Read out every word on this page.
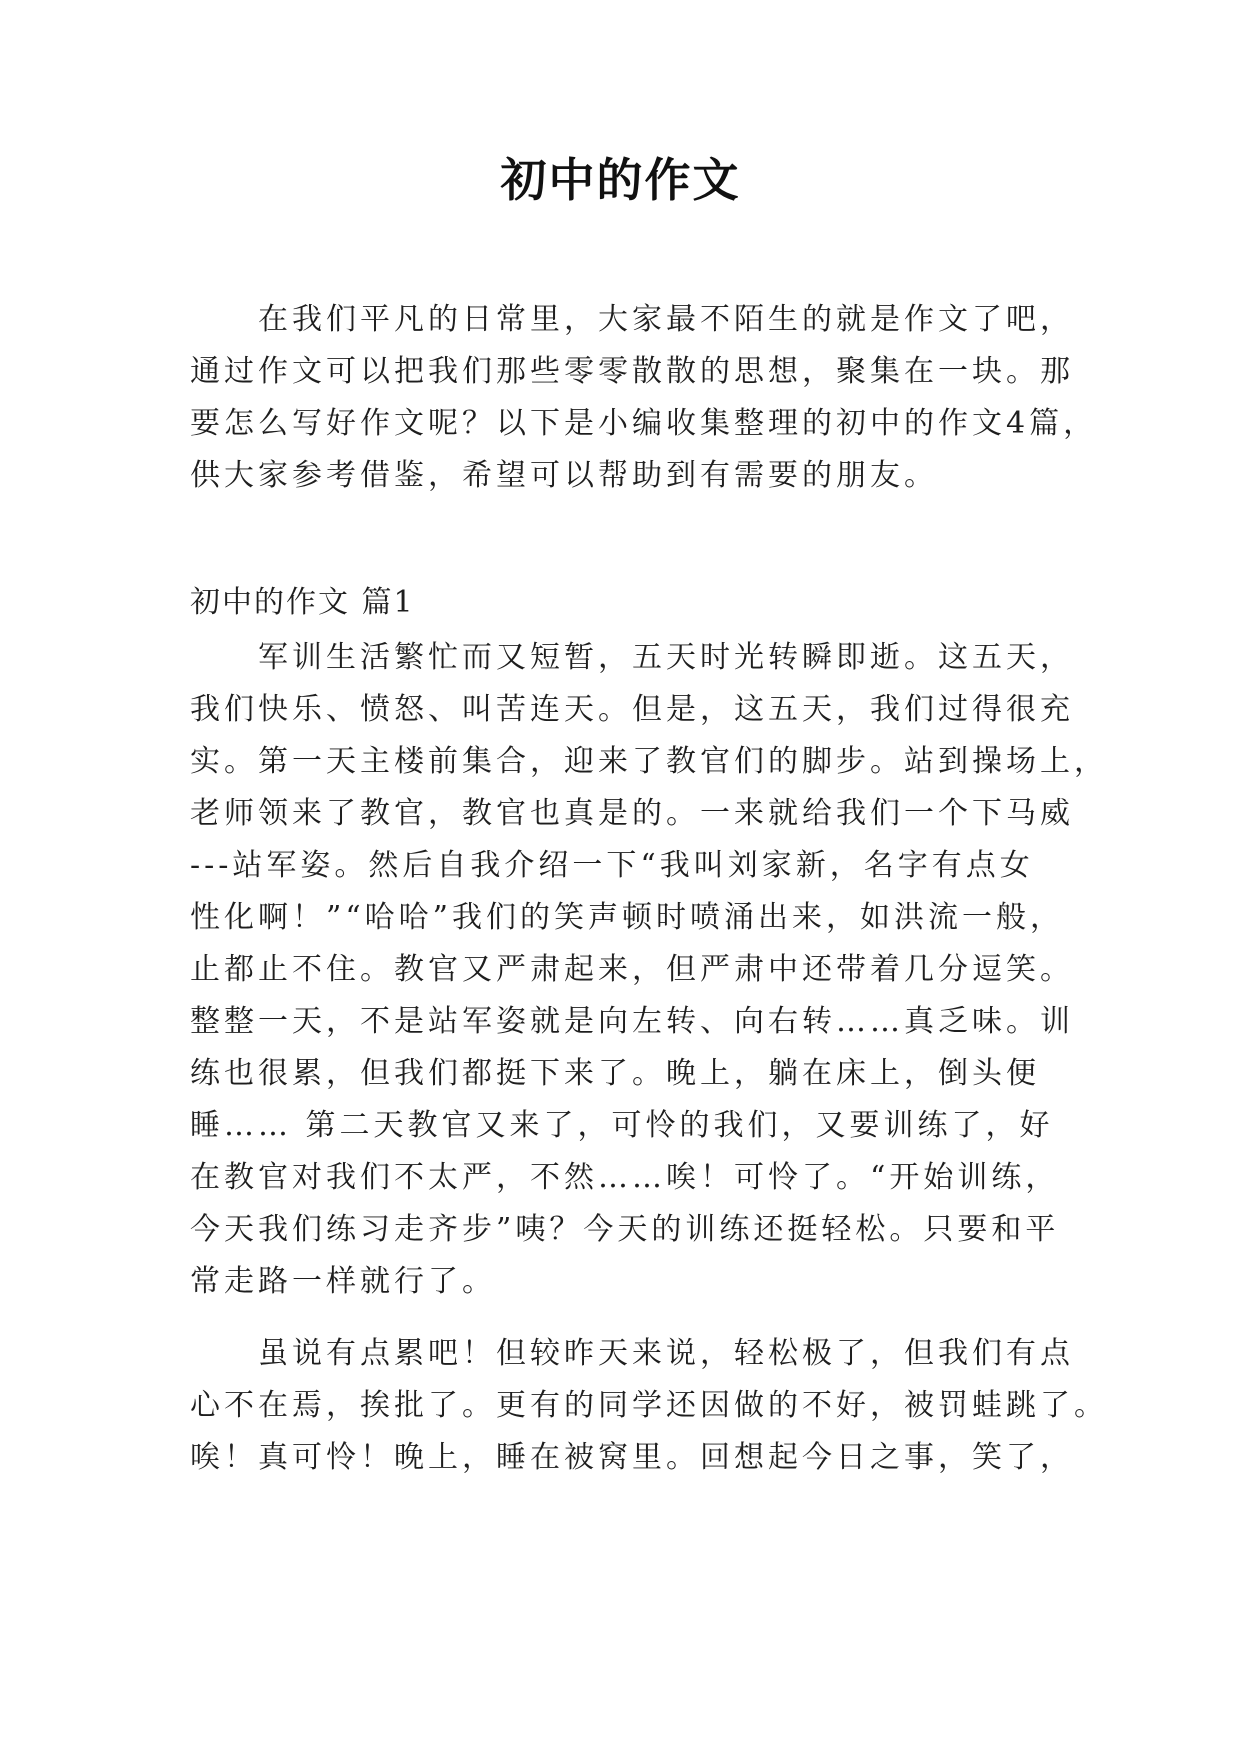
初中的作文
在我们平凡的日常里，大家最不陌生的就是作文了吧，
通过作文可以把我们那些零零散散的思想，聚集在一块。那
要怎么写好作文呢？以下是小编收集整理的初中的作文4篇，
供大家参考借鉴，希望可以帮助到有需要的朋友。
初中的作文 篇1
军训生活繁忙而又短暂，五天时光转瞬即逝。这五天，
我们快乐、愤怒、叫苦连天。但是，这五天，我们过得很充
实。第一天主楼前集合，迎来了教官们的脚步。站到操场上，
老师领来了教官，教官也真是的。一来就给我们一个下马威
---站军姿。然后自我介绍一下“我叫刘家新，名字有点女
性化啊！”“哈哈”我们的笑声顿时喷涌出来，如洪流一般，
止都止不住。教官又严肃起来，但严肃中还带着几分逗笑。
整整一天，不是站军姿就是向左转、向右转……真乏味。训
练也很累，但我们都挺下来了。晚上，躺在床上，倒头便
睡…… 第二天教官又来了，可怜的我们，又要训练了，好
在教官对我们不太严，不然……唉！可怜了。“开始训练，
今天我们练习走齐步”咦？今天的训练还挺轻松。只要和平
常走路一样就行了。
虽说有点累吧！但较昨天来说，轻松极了，但我们有点
心不在焉，挨批了。更有的同学还因做的不好，被罚蛙跳了。
唉！真可怜！晚上，睡在被窝里。回想起今日之事，笑了，
